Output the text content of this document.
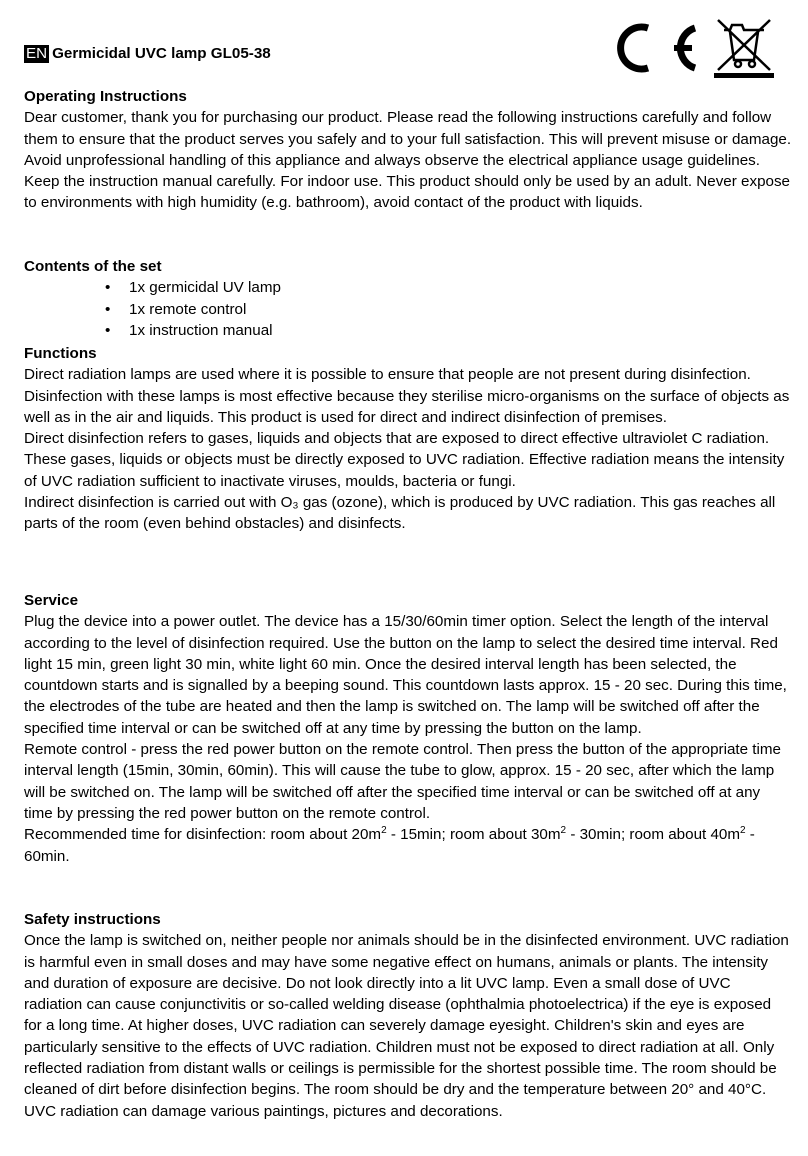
EN Germicidal UVC lamp GL05-38

Operating Instructions

Dear customer, thank you for purchasing our product. Please read the following instructions carefully and follow them to ensure that the product serves you safely and to your full satisfaction. This will prevent misuse or damage. Avoid unprofessional handling of this appliance and always observe the electrical appliance usage guidelines. Keep the instruction manual carefully. For indoor use. This product should only be used by an adult. Never expose to environments with high humidity (e.g. bathroom), avoid contact of the product with liquids.

Contents of the set

• 1x germicidal UV lamp
• 1x remote control
• 1x instruction manual

Functions

Direct radiation lamps are used where it is possible to ensure that people are not present during disinfection. Disinfection with these lamps is most effective because they sterilise micro-organisms on the surface of objects as well as in the air and liquids. This product is used for direct and indirect disinfection of premises.

Direct disinfection refers to gases, liquids and objects that are exposed to direct effective ultraviolet C radiation. These gases, liquids or objects must be directly exposed to UVC radiation. Effective radiation means the intensity of UVC radiation sufficient to inactivate viruses, moulds, bacteria or fungi.

Indirect disinfection is carried out with O₃ gas (ozone), which is produced by UVC radiation. This gas reaches all parts of the room (even behind obstacles) and disinfects.

Service

Plug the device into a power outlet. The device has a 15/30/60min timer option. Select the length of the interval according to the level of disinfection required. Use the button on the lamp to select the desired time interval. Red light 15 min, green light 30 min, white light 60 min. Once the desired interval length has been selected, the countdown starts and is signalled by a beeping sound. This countdown lasts approx. 15 - 20 sec. During this time, the electrodes of the tube are heated and then the lamp is switched on. The lamp will be switched off after the specified time interval or can be switched off at any time by pressing the button on the lamp.

Remote control - press the red power button on the remote control. Then press the button of the appropriate time interval length (15min, 30min, 60min). This will cause the tube to glow, approx. 15 - 20 sec, after which the lamp will be switched on. The lamp will be switched off after the specified time interval or can be switched off at any time by pressing the red power button on the remote control.

Recommended time for disinfection: room about $20m^2 - 15\min$; room about $30m^2 - 30\min$; room about $40m^2 - 60\min$.

Safety instructions

Once the lamp is switched on, neither people nor animals should be in the disinfected environment. UVC radiation is harmful even in small doses and may have some negative effect on humans, animals or plants. The intensity and duration of exposure are decisive. Do not look directly into a lit UVC lamp. Even a small dose of UVC radiation can cause conjunctivitis or so-called welding disease (ophthalmia photoelectrica) if the eye is exposed for a long time. At higher doses, UVC radiation can severely damage eyesight. Children's skin and eyes are particularly sensitive to the effects of UVC radiation. Children must not be exposed to direct radiation at all. Only reflected radiation from distant walls or ceilings is permissible for the shortest possible time. The room should be cleaned of dirt before disinfection begins. The room should be dry and the temperature between 20° and 40°C. UVC radiation can damage various paintings, pictures and decorations.
